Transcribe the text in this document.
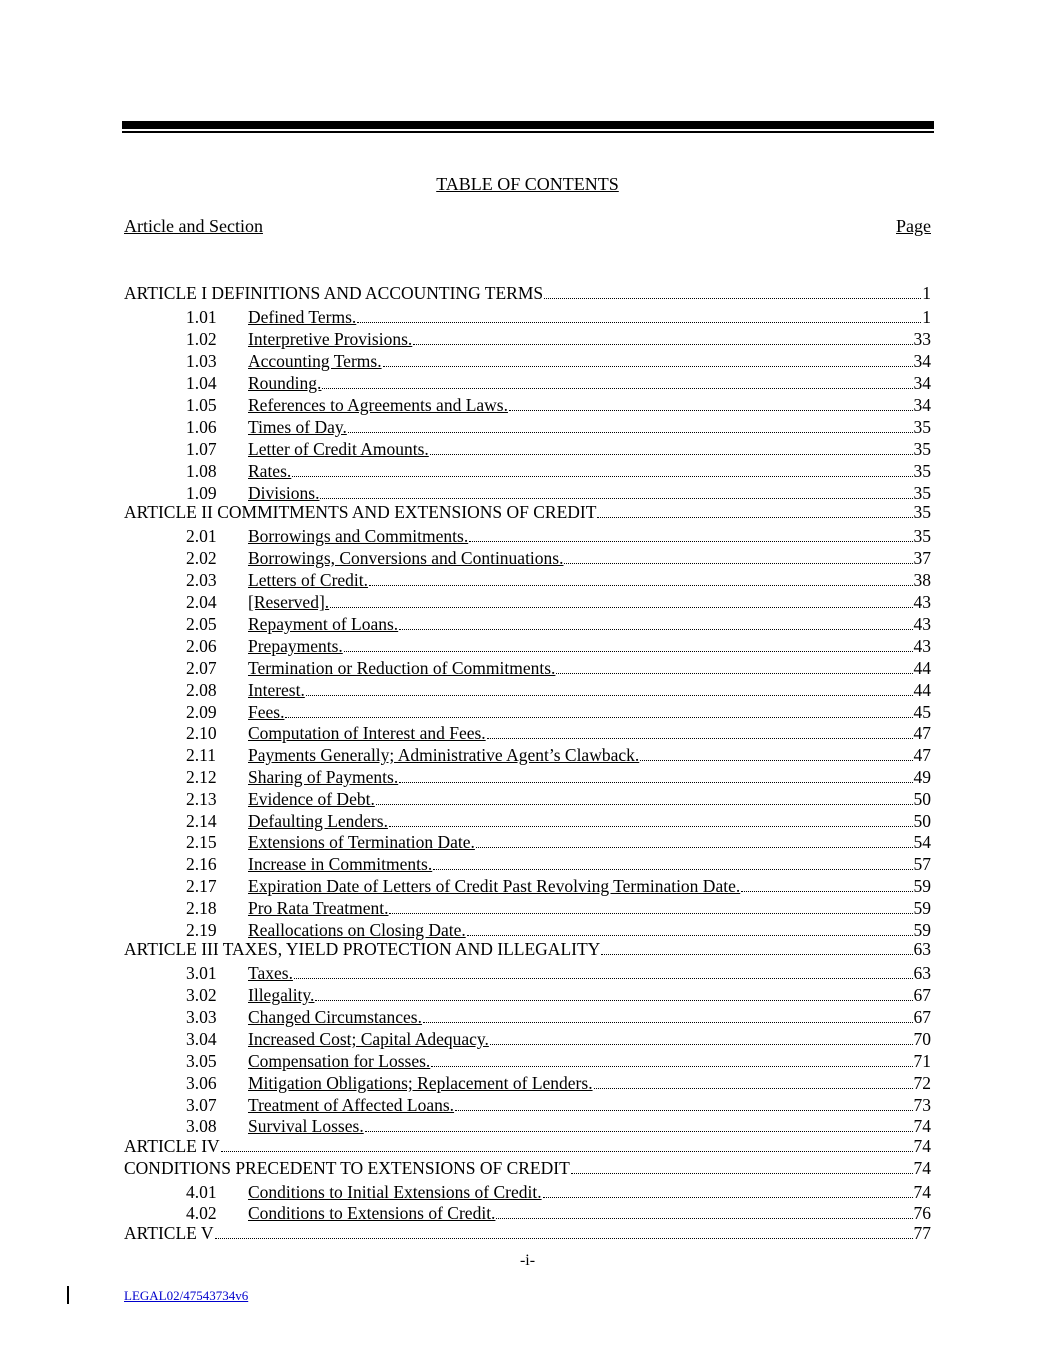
TABLE OF CONTENTS
Article and Section	Page
ARTICLE I DEFINITIONS AND ACCOUNTING TERMS	1
1.01	Defined Terms.	1
1.02	Interpretive Provisions.	33
1.03	Accounting Terms.	34
1.04	Rounding.	34
1.05	References to Agreements and Laws.	34
1.06	Times of Day.	35
1.07	Letter of Credit Amounts.	35
1.08	Rates.	35
1.09	Divisions.	35
ARTICLE II COMMITMENTS AND EXTENSIONS OF CREDIT	35
2.01	Borrowings and Commitments.	35
2.02	Borrowings, Conversions and Continuations.	37
2.03	Letters of Credit.	38
2.04	[Reserved].	43
2.05	Repayment of Loans.	43
2.06	Prepayments.	43
2.07	Termination or Reduction of Commitments.	44
2.08	Interest.	44
2.09	Fees.	45
2.10	Computation of Interest and Fees.	47
2.11	Payments Generally; Administrative Agent’s Clawback.	47
2.12	Sharing of Payments.	49
2.13	Evidence of Debt.	50
2.14	Defaulting Lenders.	50
2.15	Extensions of Termination Date.	54
2.16	Increase in Commitments.	57
2.17	Expiration Date of Letters of Credit Past Revolving Termination Date.	59
2.18	Pro Rata Treatment.	59
2.19	Reallocations on Closing Date.	59
ARTICLE III TAXES, YIELD PROTECTION AND ILLEGALITY	63
3.01	Taxes.	63
3.02	Illegality.	67
3.03	Changed Circumstances.	67
3.04	Increased Cost; Capital Adequacy.	70
3.05	Compensation for Losses.	71
3.06	Mitigation Obligations; Replacement of Lenders.	72
3.07	Treatment of Affected Loans.	73
3.08	Survival Losses.	74
ARTICLE IV	74
CONDITIONS PRECEDENT TO EXTENSIONS OF CREDIT	74
4.01	Conditions to Initial Extensions of Credit.	74
4.02	Conditions to Extensions of Credit.	76
ARTICLE V	77
-i-
LEGAL02/47543734v6
